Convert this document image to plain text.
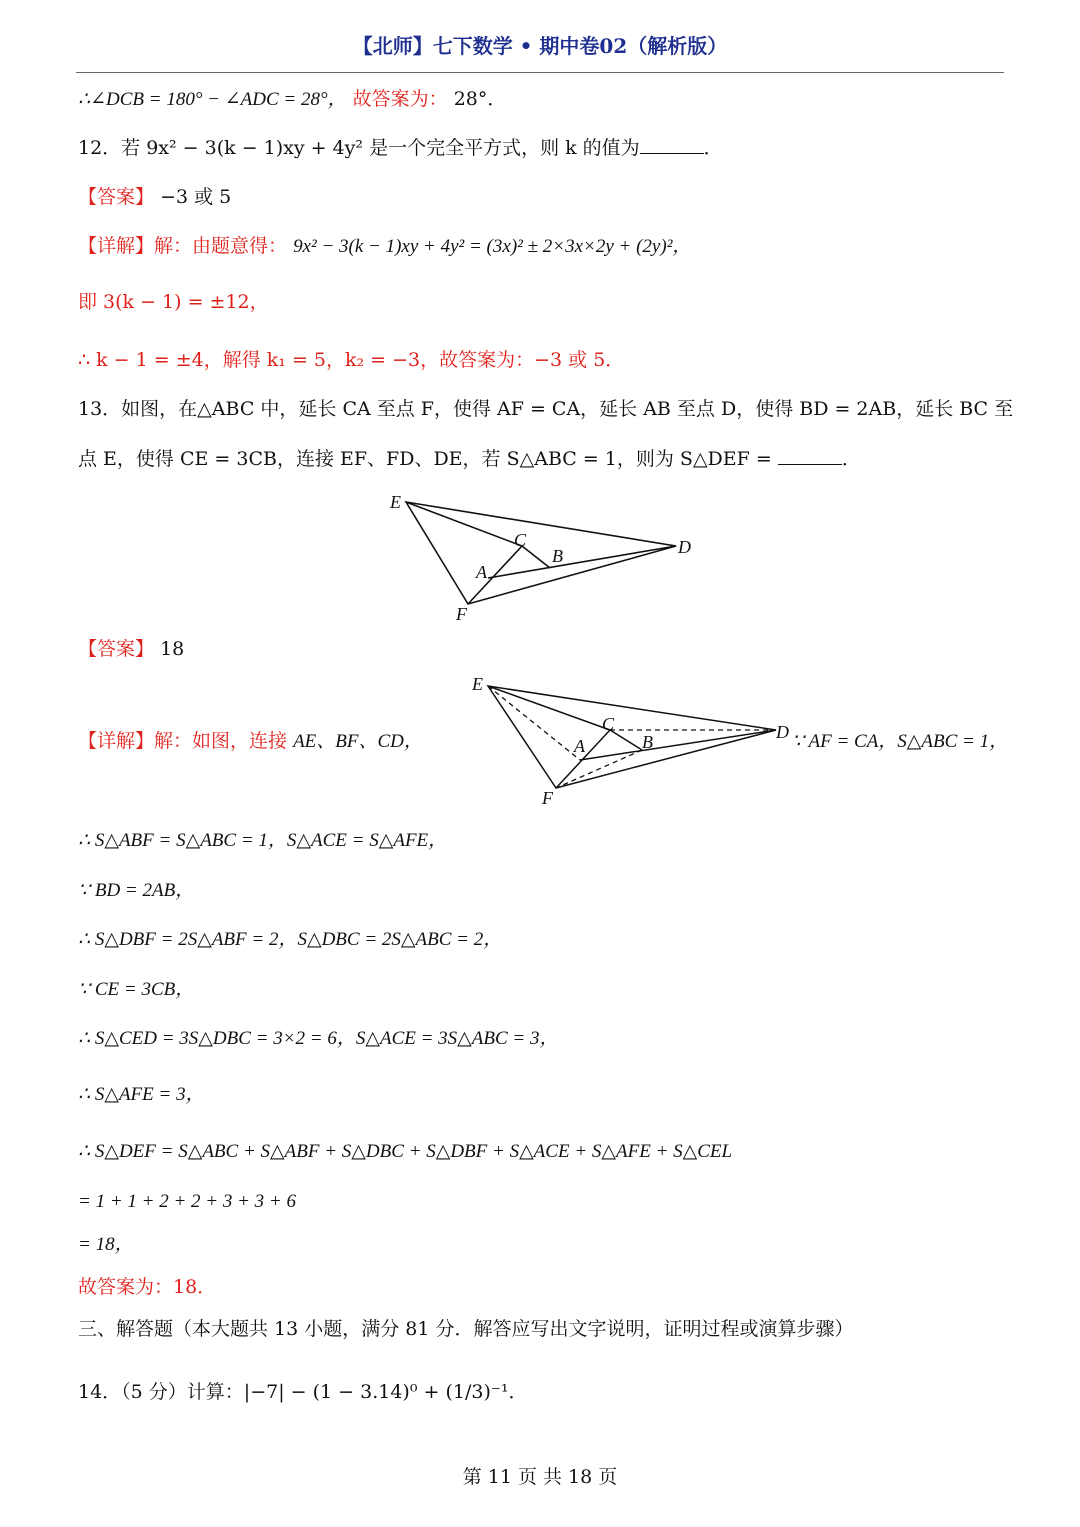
【北师】七下数学 • 期中卷02（解析版）
∴∠DCB = 180° − ∠ADC = 28°， 故答案为： 28°．
12．若 9x² − 3(k − 1)xy + 4y² 是一个完全平方式，则 k 的值为	．
【答案】 −3 或 5
【详解】解：由题意得： 9x² − 3(k − 1)xy + 4y² = (3x)² ± 2×3x×2y + (2y)²，
即 3(k − 1) = ±12，
∴ k − 1 = ±4，解得 k₁ = 5，k₂ = −3，故答案为：−3 或 5．
13．如图，在△ABC 中，延长 CA 至点 F，使得 AF = CA，延长 AB 至点 D，使得 BD = 2AB，延长 BC 至
点 E，使得 CE = 3CB，连接 EF、FD、DE，若 S△ABC = 1，则为 S△DEF =	．
E
C
B
A
D
F
【答案】 18
【详解】解：如图，连接 AE、BF、CD，
E
C
B
A
D
F
∵ AF = CA，S△ABC = 1，
∴ S△ABF = S△ABC = 1，S△ACE = S△AFE，
∵ BD = 2AB，
∴ S△DBF = 2S△ABF = 2，S△DBC = 2S△ABC = 2，
∵ CE = 3CB，
∴ S△CED = 3S△DBC = 3×2 = 6，S△ACE = 3S△ABC = 3，
∴ S△AFE = 3，
∴ S△DEF = S△ABC + S△ABF + S△DBC + S△DBF + S△ACE + S△AFE + S△CEL
= 1 + 1 + 2 + 2 + 3 + 3 + 6
= 18，
故答案为：18．
三、解答题（本大题共 13 小题，满分 81 分．解答应写出文字说明，证明过程或演算步骤）
14．（5 分）计算：|−7| − (1 − 3.14)⁰ + (1/3)⁻¹．
第 11 页 共 18 页
